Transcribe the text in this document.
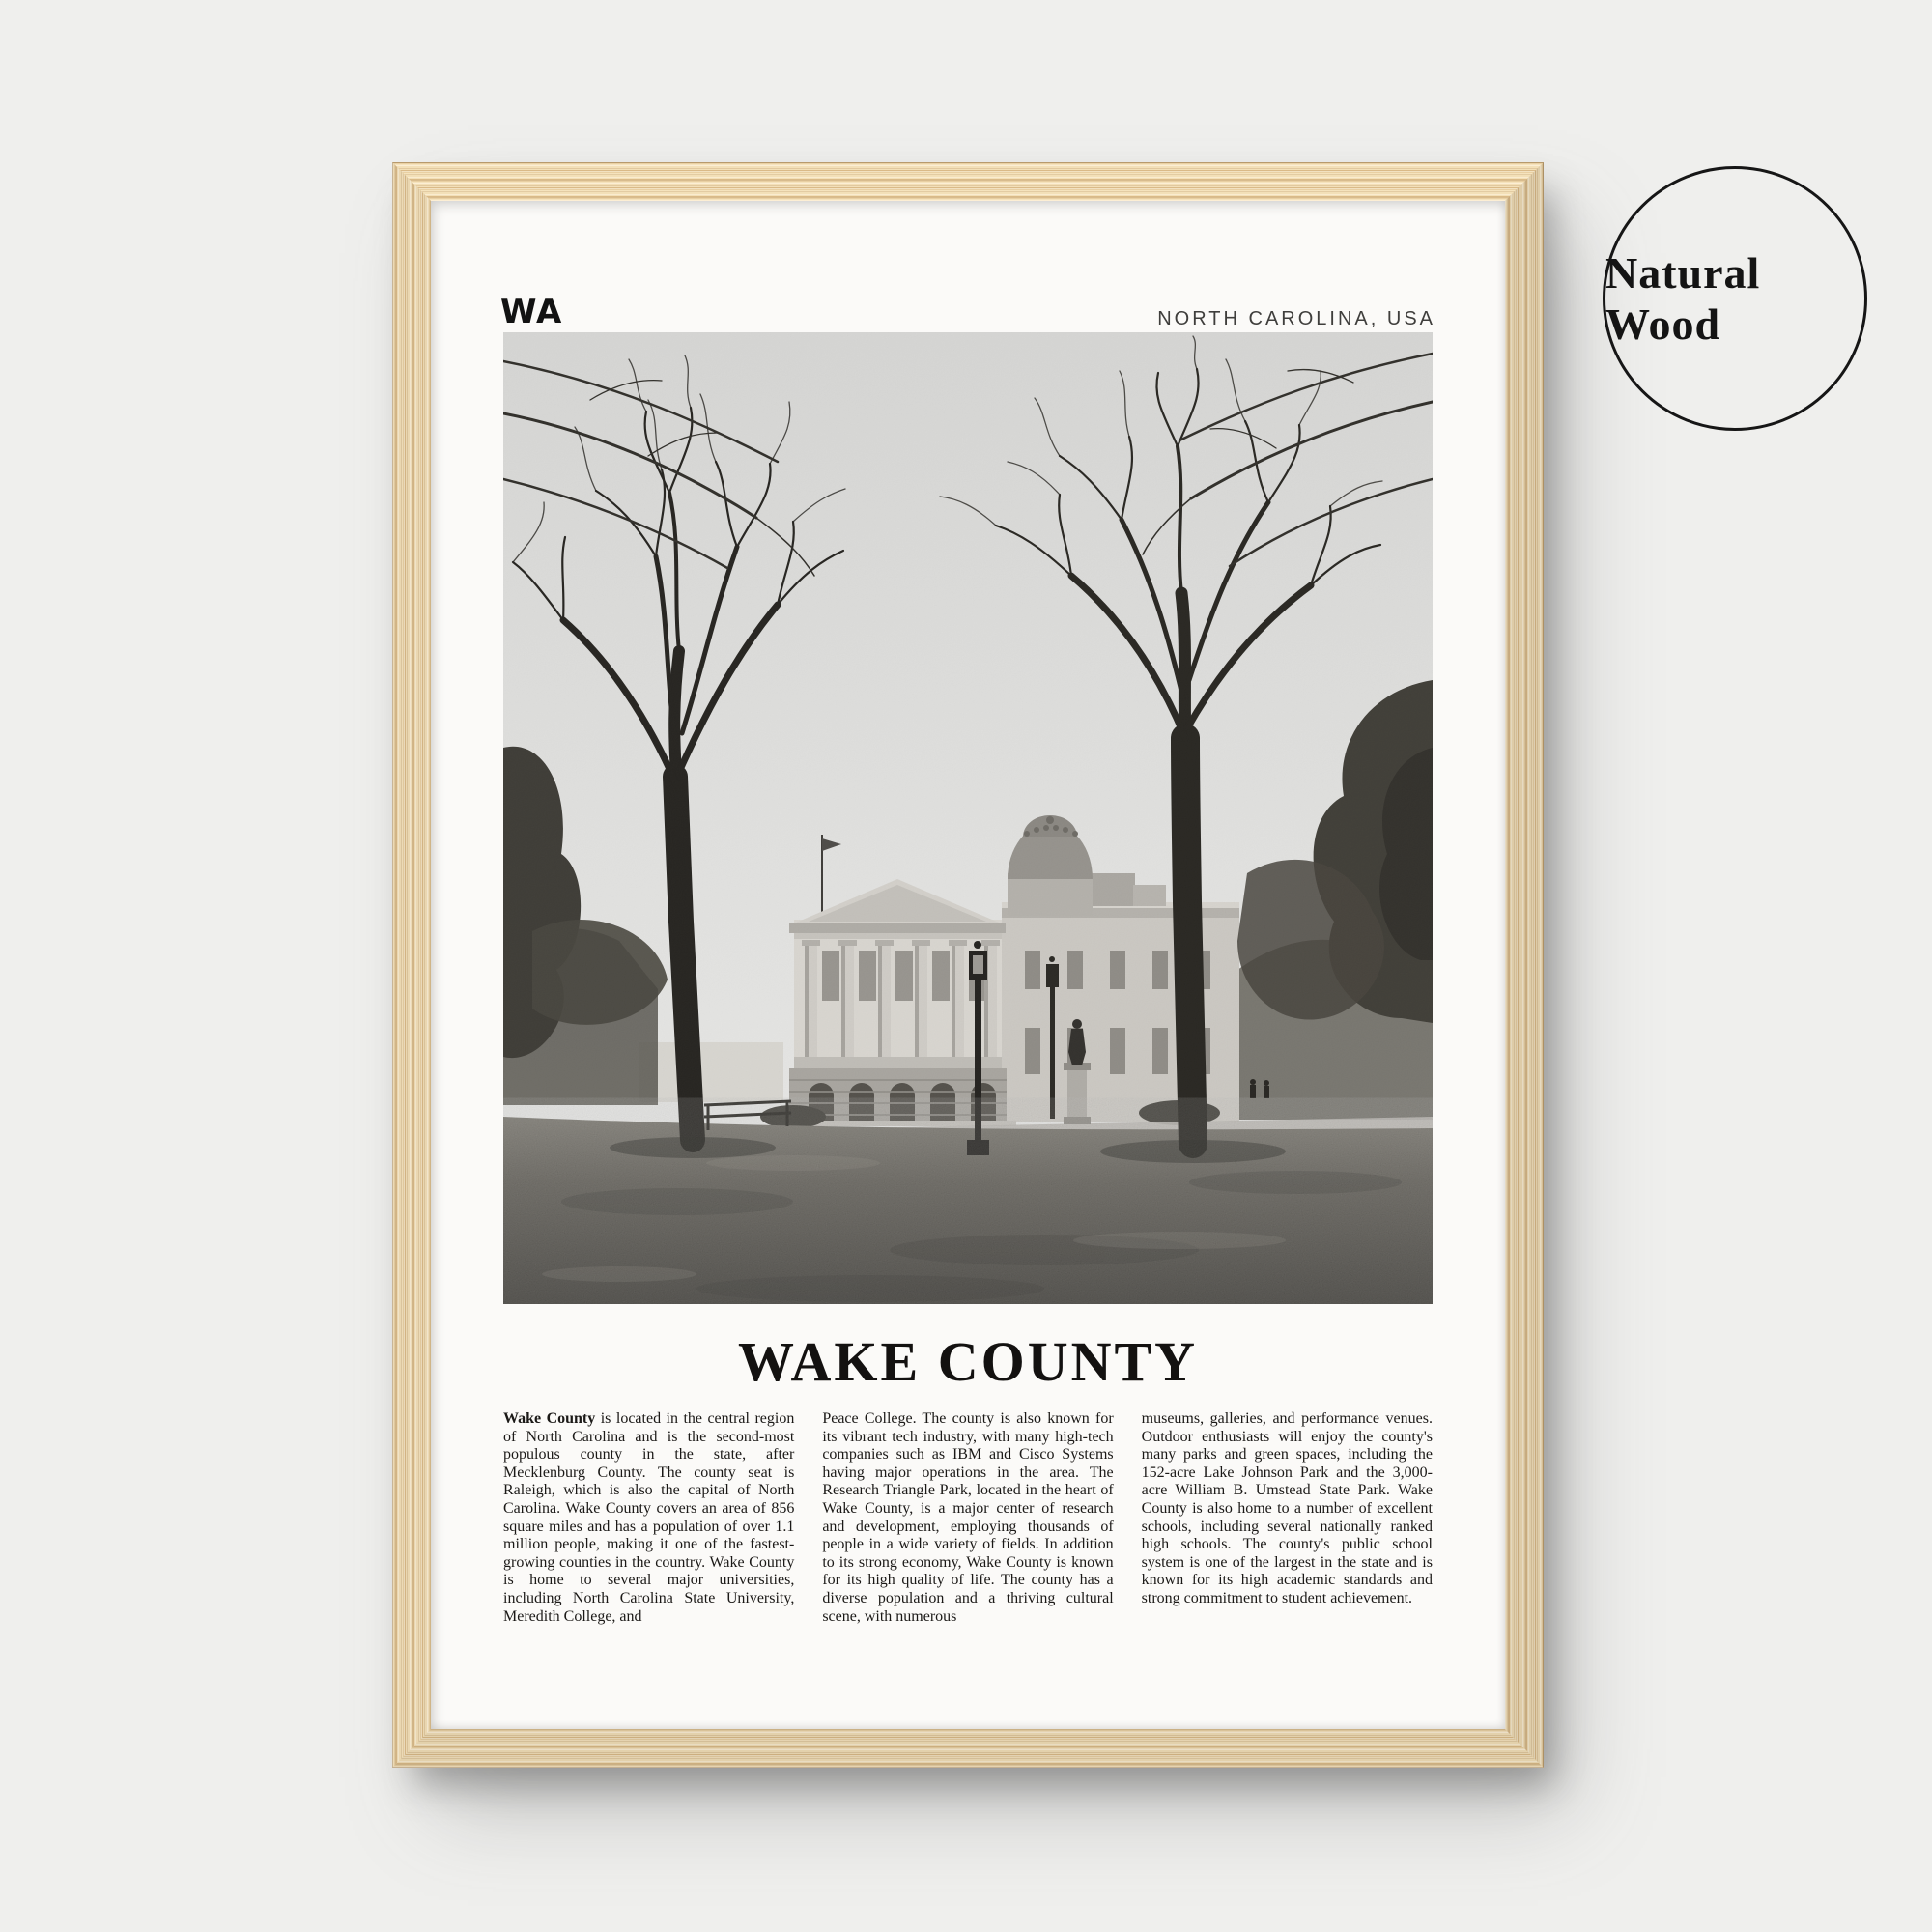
WA	NORTH CAROLINA, USA
WAKE COUNTY

Wake County is located in the central region of North Carolina and is the second-most populous county in the state, after Mecklenburg County. The county seat is Raleigh, which is also the capital of North Carolina. Wake County covers an area of 856 square miles and has a population of over 1.1 million people, making it one of the fastest-growing counties in the country. Wake County is home to several major universities, including North Carolina State University, Meredith College, and

Peace College. The county is also known for its vibrant tech industry, with many high-tech companies such as IBM and Cisco Systems having major operations in the area. The Research Triangle Park, located in the heart of Wake County, is a major center of research and development, employing thousands of people in a wide variety of fields. In addition to its strong economy, Wake County is known for its high quality of life. The county has a diverse population and a thriving cultural scene, with numerous

museums, galleries, and performance venues. Outdoor enthusiasts will enjoy the county's many parks and green spaces, including the 152-acre Lake Johnson Park and the 3,000-acre William B. Umstead State Park. Wake County is also home to a number of excellent schools, including several nationally ranked high schools. The county's public school system is one of the largest in the state and is known for its high academic standards and strong commitment to student achievement.

Natural Wood
